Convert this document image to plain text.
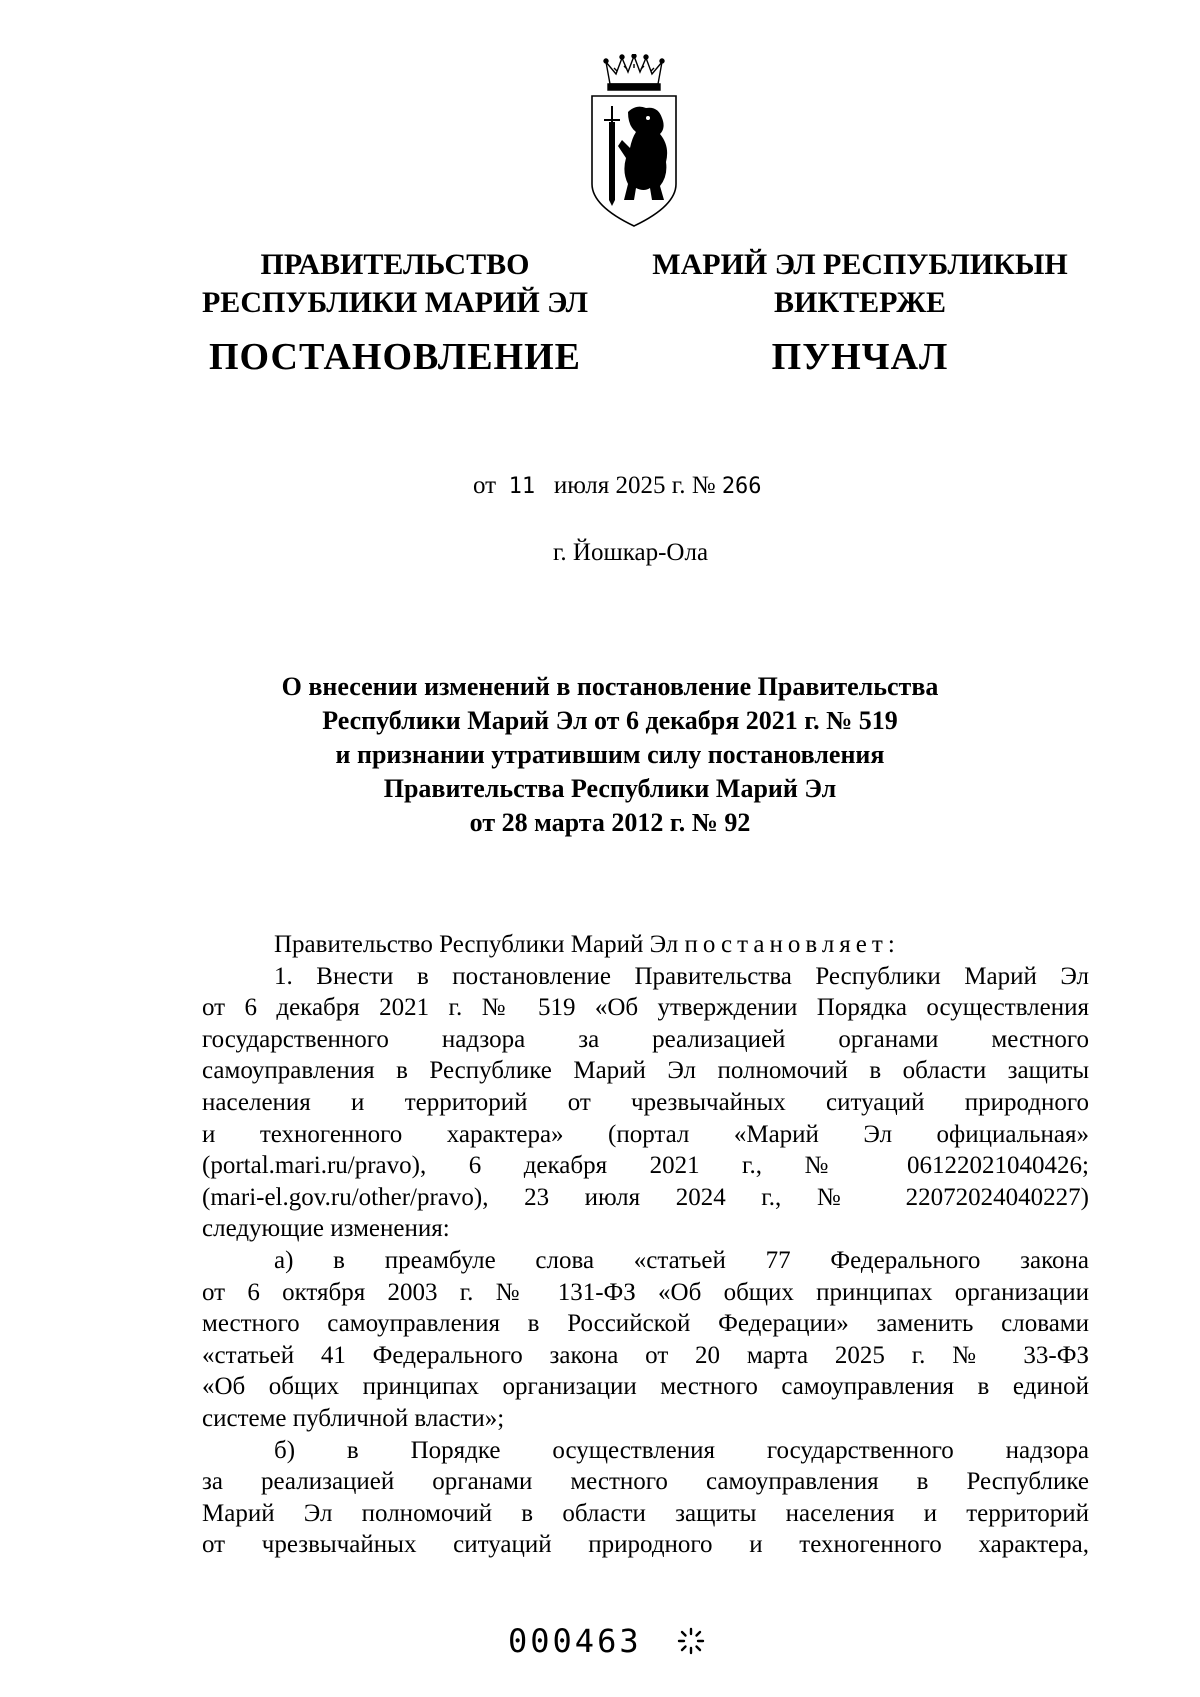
ПРАВИТЕЛЬСТВО
РЕСПУБЛИКИ МАРИЙ ЭЛ
ПОСТАНОВЛЕНИЕ
МАРИЙ ЭЛ РЕСПУБЛИКЫН
ВИКТЕРЖЕ
ПУНЧАЛ
от 11 июля 2025 г. № 266
г. Йошкар-Ола
О внесении изменений в постановление Правительства
Республики Марий Эл от 6 декабря 2021 г. № 519
и признании утратившим силу постановления
Правительства Республики Марий Эл
от 28 марта 2012 г. № 92

Правительство Республики Марий Эл постановляет:

1. Внести в постановление Правительства Республики Марий Эл

от 6 декабря 2021 г. № 519 «Об утверждении Порядка осуществления

государственного надзора за реализацией органами местного

самоуправления в Республике Марий Эл полномочий в области защиты

населения и территорий от чрезвычайных ситуаций природного

и техногенного характера» (портал «Марий Эл официальная»

(portal.mari.ru/pravo), 6 декабря 2021 г., № 06122021040426;

(mari-el.gov.ru/other/pravo), 23 июля 2024 г., № 22072024040227)

следующие изменения:

а) в преамбуле слова «статьей 77 Федерального закона

от 6 октября 2003 г. № 131-ФЗ «Об общих принципах организации

местного самоуправления в Российской Федерации» заменить словами

«статьей 41 Федерального закона от 20 марта 2025 г. № 33-ФЗ

«Об общих принципах организации местного самоуправления в единой

системе публичной власти»;

б) в Порядке осуществления государственного надзора

за реализацией органами местного самоуправления в Республике

Марий Эл полномочий в области защиты населения и территорий

от чрезвычайных ситуаций природного и техногенного характера,

000463
